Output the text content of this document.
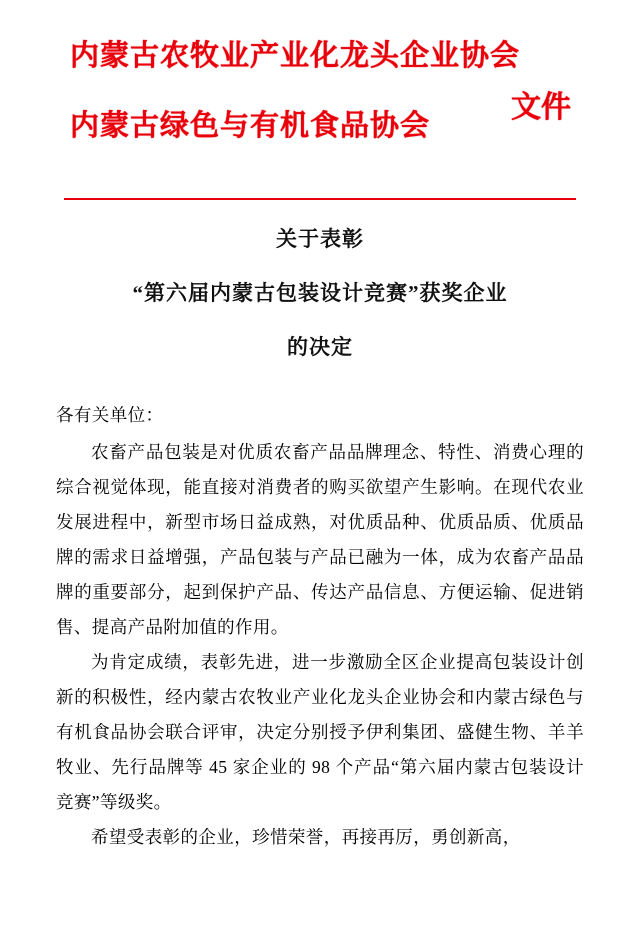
内蒙古农牧业产业化龙头企业协会
文件
内蒙古绿色与有机食品协会
关于表彰
“第六届内蒙古包装设计竞赛”获奖企业
的决定

各有关单位：

农畜产品包装是对优质农畜产品品牌理念、特性、消费心理的综合视觉体现，能直接对消费者的购买欲望产生影响。在现代农业发展进程中，新型市场日益成熟，对优质品种、优质品质、优质品牌的需求日益增强，产品包装与产品已融为一体，成为农畜产品品牌的重要部分，起到保护产品、传达产品信息、方便运输、促进销售、提高产品附加值的作用。

为肯定成绩，表彰先进，进一步激励全区企业提高包装设计创新的积极性，经内蒙古农牧业产业化龙头企业协会和内蒙古绿色与有机食品协会联合评审，决定分别授予伊利集团、盛健生物、羊羊牧业、先行品牌等 45 家企业的 98 个产品“第六届内蒙古包装设计竞赛”等级奖。

希望受表彰的企业，珍惜荣誉，再接再厉，勇创新高，
